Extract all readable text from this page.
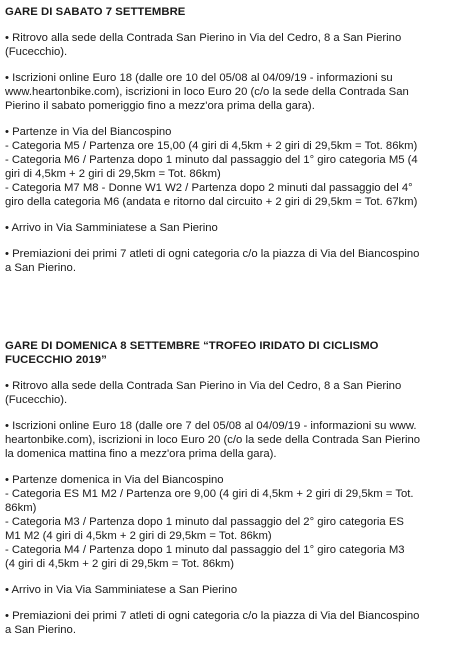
GARE DI SABATO 7 SETTEMBRE

• Ritrovo alla sede della Contrada San Pierino in Via del Cedro, 8 a San Pierino
(Fucecchio).

• Iscrizioni online Euro 18 (dalle ore 10 del 05/08 al 04/09/19 - informazioni su
www.heartonbike.com), iscrizioni in loco Euro 20 (c/o la sede della Contrada San
Pierino il sabato pomeriggio fino a mezz'ora prima della gara).

• Partenze in Via del Biancospino
- Categoria M5 / Partenza ore 15,00 (4 giri di 4,5km + 2 giri di 29,5km = Tot. 86km)
- Categoria M6 / Partenza dopo 1 minuto dal passaggio del 1° giro categoria M5 (4
giri di 4,5km + 2 giri di 29,5km = Tot. 86km)
- Categoria M7 M8 - Donne W1 W2 / Partenza dopo 2 minuti dal passaggio del 4°
giro della categoria M6 (andata e ritorno dal circuito + 2 giri di 29,5km = Tot. 67km)

• Arrivo in Via Samminiatese a San Pierino

• Premiazioni dei primi 7 atleti di ogni categoria c/o la piazza di Via del Biancospino
a San Pierino.

GARE DI DOMENICA 8 SETTEMBRE “TROFEO IRIDATO DI CICLISMO
FUCECCHIO 2019”

• Ritrovo alla sede della Contrada San Pierino in Via del Cedro, 8 a San Pierino
(Fucecchio).

• Iscrizioni online Euro 18 (dalle ore 7 del 05/08 al 04/09/19 - informazioni su www.
heartonbike.com), iscrizioni in loco Euro 20 (c/o la sede della Contrada San Pierino
la domenica mattina fino a mezz'ora prima della gara).

• Partenze domenica in Via del Biancospino
- Categoria ES M1 M2 / Partenza ore 9,00 (4 giri di 4,5km + 2 giri di 29,5km = Tot.
86km)
- Categoria M3 / Partenza dopo 1 minuto dal passaggio del 2° giro categoria ES
M1 M2 (4 giri di 4,5km + 2 giri di 29,5km = Tot. 86km)
- Categoria M4 / Partenza dopo 1 minuto dal passaggio del 1° giro categoria M3
(4 giri di 4,5km + 2 giri di 29,5km = Tot. 86km)

• Arrivo in Via Via Samminiatese a San Pierino

• Premiazioni dei primi 7 atleti di ogni categoria c/o la piazza di Via del Biancospino
a San Pierino.
